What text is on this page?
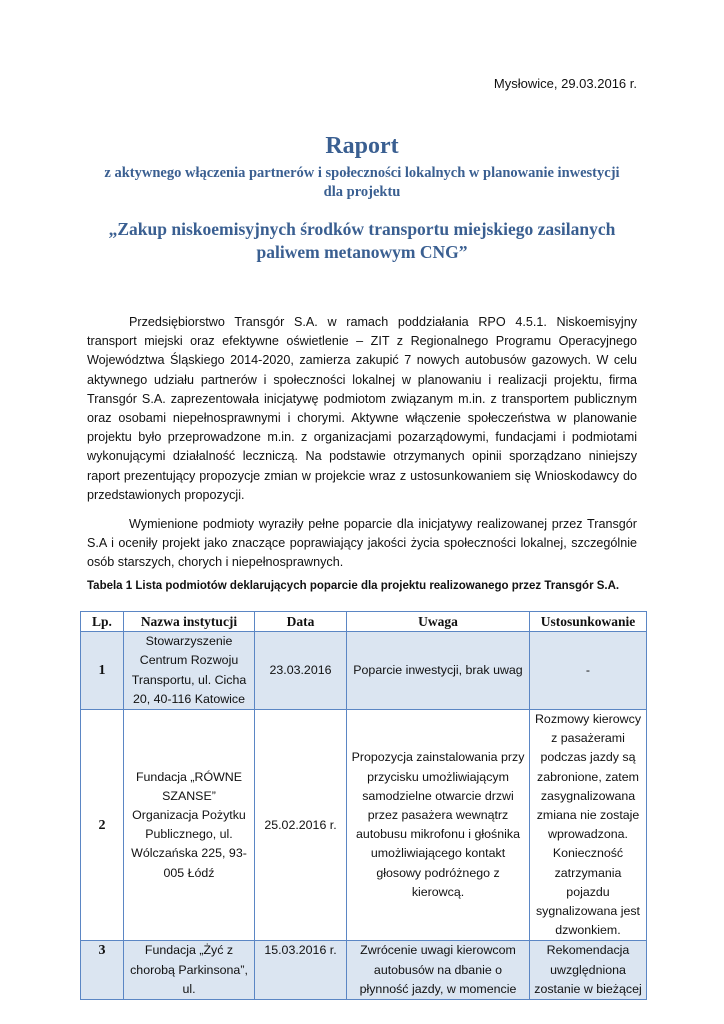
Mysłowice, 29.03.2016 r.
Raport
z aktywnego włączenia partnerów i społeczności lokalnych w planowanie inwestycji dla projektu
„Zakup niskoemisyjnych środków transportu miejskiego zasilanych paliwem metanowym CNG”

Przedsiębiorstwo Transgór S.A. w ramach poddziałania RPO 4.5.1. Niskoemisyjny transport miejski oraz efektywne oświetlenie – ZIT z Regionalnego Programu Operacyjnego Województwa Śląskiego 2014-2020, zamierza zakupić 7 nowych autobusów gazowych. W celu aktywnego udziału partnerów i społeczności lokalnej w planowaniu i realizacji projektu, firma Transgór S.A. zaprezentowała inicjatywę podmiotom związanym m.in. z transportem publicznym oraz osobami niepełnosprawnymi i chorymi. Aktywne włączenie społeczeństwa w planowanie projektu było przeprowadzone m.in. z organizacjami pozarządowymi, fundacjami i podmiotami wykonującymi działalność leczniczą. Na podstawie otrzymanych opinii sporządzano niniejszy raport prezentujący propozycje zmian w projekcie wraz z ustosunkowaniem się Wnioskodawcy do przedstawionych propozycji.

Wymienione podmioty wyraziły pełne poparcie dla inicjatywy realizowanej przez Transgór S.A i oceniły projekt jako znaczące poprawiający jakości życia społeczności lokalnej, szczególnie osób starszych, chorych i niepełnosprawnych.

Tabela 1 Lista podmiotów deklarujących poparcie dla projektu realizowanego przez Transgór S.A.
Lp.	Nazwa instytucji	Data	Uwaga	Ustosunkowanie
1	Stowarzyszenie Centrum Rozwoju Transportu, ul. Cicha 20, 40-116 Katowice	23.03.2016	Poparcie inwestycji, brak uwag	-
2	Fundacja „RÓWNE SZANSE” Organizacja Pożytku Publicznego, ul. Wólczańska 225, 93-005 Łódź	25.02.2016 r.	Propozycja zainstalowania przy przycisku umożliwiającym samodzielne otwarcie drzwi przez pasażera wewnątrz autobusu mikrofonu i głośnika umożliwiającego kontakt głosowy podróżnego z kierowcą.	Rozmowy kierowcy z pasażerami podczas jazdy są zabronione, zatem zasygnalizowana zmiana nie zostaje wprowadzona. Konieczność zatrzymania pojazdu sygnalizowana jest dzwonkiem.
3	Fundacja „Żyć z chorobą Parkinsona”, ul.	15.03.2016 r.	Zwrócenie uwagi kierowcom autobusów na dbanie o płynność jazdy, w momencie	Rekomendacja uwzględniona zostanie w bieżącej
